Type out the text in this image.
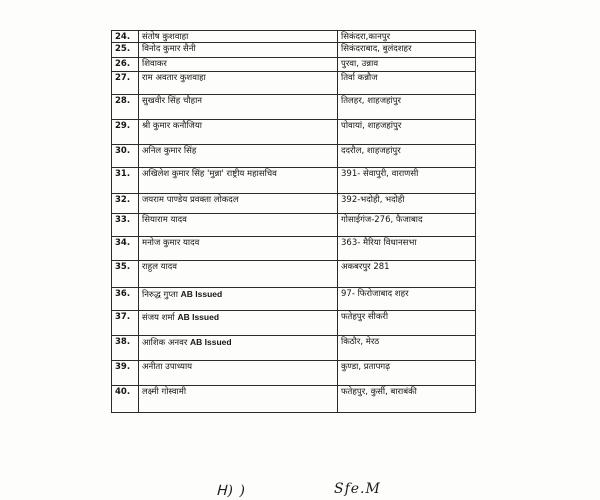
24.	संतोष कुशवाहा	सिकंदरा,कानपुर
25.	विनोद कुमार सैनी	सिकंदराबाद, बुलंदशहर
26.	शिवाकर	पुरवा, उन्नाव
27.	राम अवतार कुशवाहा	तिर्वा कन्नौज
28.	सुखवीर सिंह चौहान	तिलहर, शाहजहांपुर
29.	श्री कुमार कनौजिया	पोवायां, शाहजहांपुर
30.	अनिल कुमार सिंह	ददरौल, शाहजहांपुर
31.	अखिलेश कुमार सिंह 'मुन्ना' राष्ट्रीय महासचिव	391- सेवापुरी, वाराणसी
32.	जयराम पाण्डेय प्रवक्ता लोकदल	392-भदोही, भदोही
33.	सियाराम यादव	गोसाईगंज-276, फैजाबाद
34.	मनोज कुमार यादव	363- मैरिया विधानसभा
35.	राहुल यादव	अकबरपुर 281
36.	निरुद्ध गुप्ता AB Issued	97- फिरोजाबाद शहर
37.	संजय शर्मा AB Issued	फतेहपुर सीकरी
38.	आशिक अनवर AB Issued	किठौर, मेरठ
39.	अनीता उपाध्याय	कुण्डा, प्रतापगढ़
40.	लक्ष्मी गोस्वामी	फतेहपुर, कुर्सी, बाराबंकी
ᕼ) )	Sfe.M
